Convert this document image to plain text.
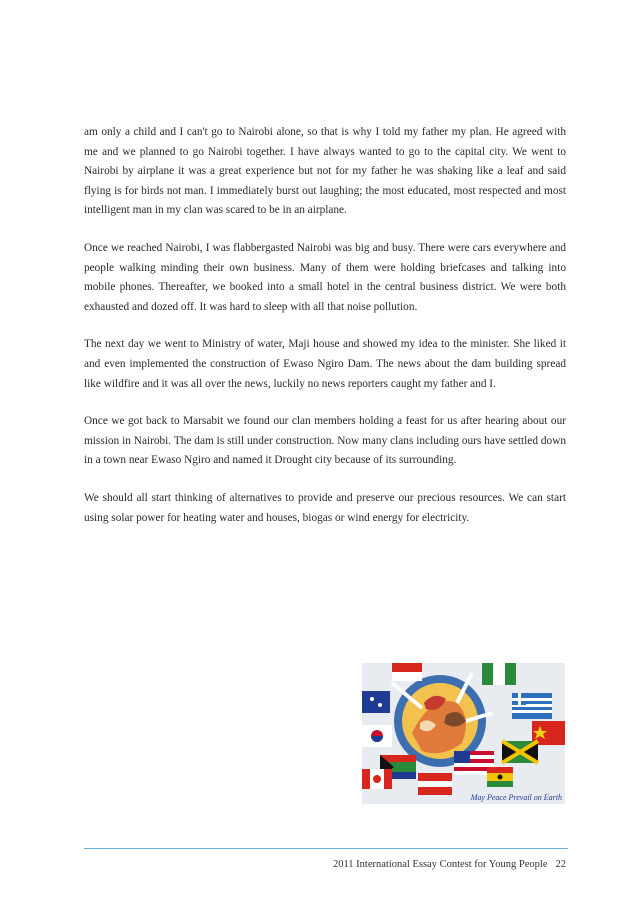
am only a child and I can't go to Nairobi alone, so that is why I told my father my plan. He agreed with me and we planned to go Nairobi together. I have always wanted to go to the capital city. We went to Nairobi by airplane it was a great experience but not for my father he was shaking like a leaf and said flying is for birds not man. I immediately burst out laughing; the most educated, most respected and most intelligent man in my clan was scared to be in an airplane.

Once we reached Nairobi, I was flabbergasted Nairobi was big and busy. There were cars everywhere and people walking minding their own business. Many of them were holding briefcases and talking into mobile phones. Thereafter, we booked into a small hotel in the central business district. We were both exhausted and dozed off. It was hard to sleep with all that noise pollution.

The next day we went to Ministry of water, Maji house and showed my idea to the minister. She liked it and even implemented the construction of Ewaso Ngiro Dam. The news about the dam building spread like wildfire and it was all over the news, luckily no news reporters caught my father and I.

Once we got back to Marsabit we found our clan members holding a feast for us after hearing about our mission in Nairobi. The dam is still under construction. Now many clans including ours have settled down in a town near Ewaso Ngiro and named it Drought city because of its surrounding.

We should all start thinking of alternatives to provide and preserve our precious resources. We can start using solar power for heating water and houses, biogas or wind energy for electricity.

May Peace Prevail on Earth
2011 International Essay Contest for Young People 22
